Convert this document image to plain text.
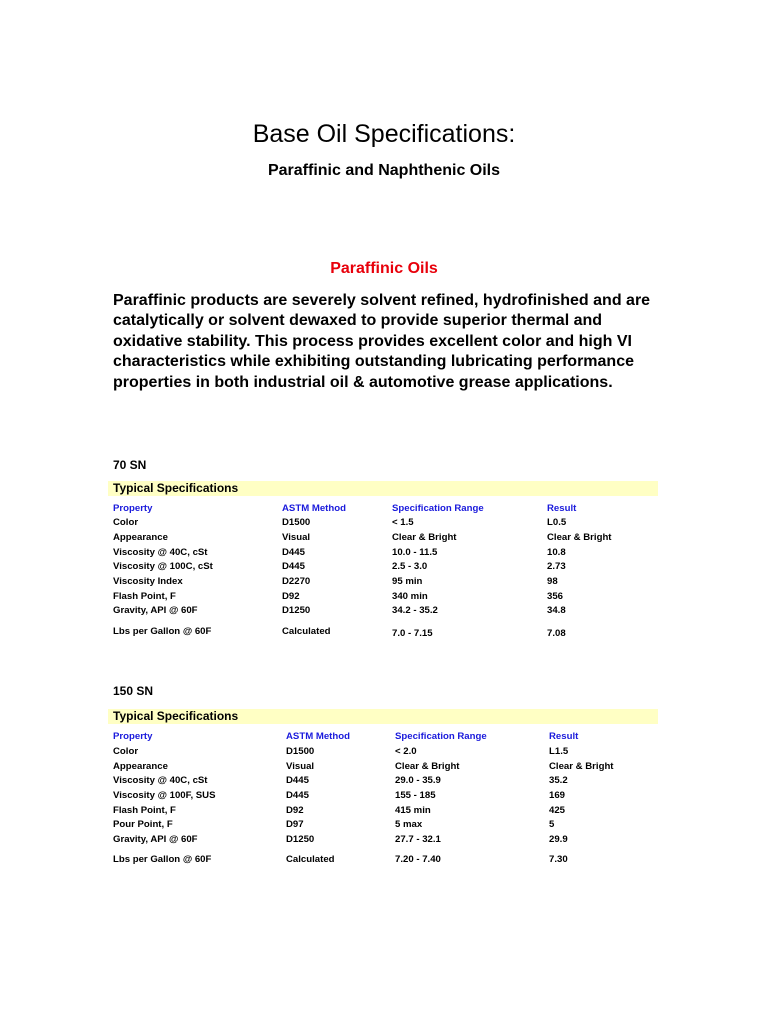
Base Oil Specifications:
Paraffinic and Naphthenic Oils
Paraffinic Oils
Paraffinic products are severely solvent refined, hydrofinished and are catalytically or solvent dewaxed to provide superior thermal and oxidative stability. This process provides excellent color and high VI characteristics while exhibiting outstanding lubricating performance properties in both industrial oil & automotive grease applications.
70 SN
Typical Specifications
Property	ASTM Method	Specification Range	Result
Color	D1500	< 1.5	L0.5
Appearance	Visual	Clear & Bright	Clear & Bright
Viscosity @ 40C, cSt	D445	10.0 - 11.5	10.8
Viscosity @ 100C, cSt	D445	2.5 - 3.0	2.73
Viscosity Index	D2270	95 min	98
Flash Point, F	D92	340 min	356
Gravity, API @ 60F	D1250	34.2 - 35.2	34.8
Lbs per Gallon @ 60F	Calculated	7.0 - 7.15	7.08
150 SN
Typical Specifications
Property	ASTM Method	Specification Range	Result
Color	D1500	< 2.0	L1.5
Appearance	Visual	Clear & Bright	Clear & Bright
Viscosity @ 40C, cSt	D445	29.0 - 35.9	35.2
Viscosity @ 100F, SUS	D445	155 - 185	169
Flash Point, F	D92	415 min	425
Pour Point, F	D97	5 max	5
Gravity, API @ 60F	D1250	27.7 - 32.1	29.9
Lbs per Gallon @ 60F	Calculated	7.20 - 7.40	7.30
